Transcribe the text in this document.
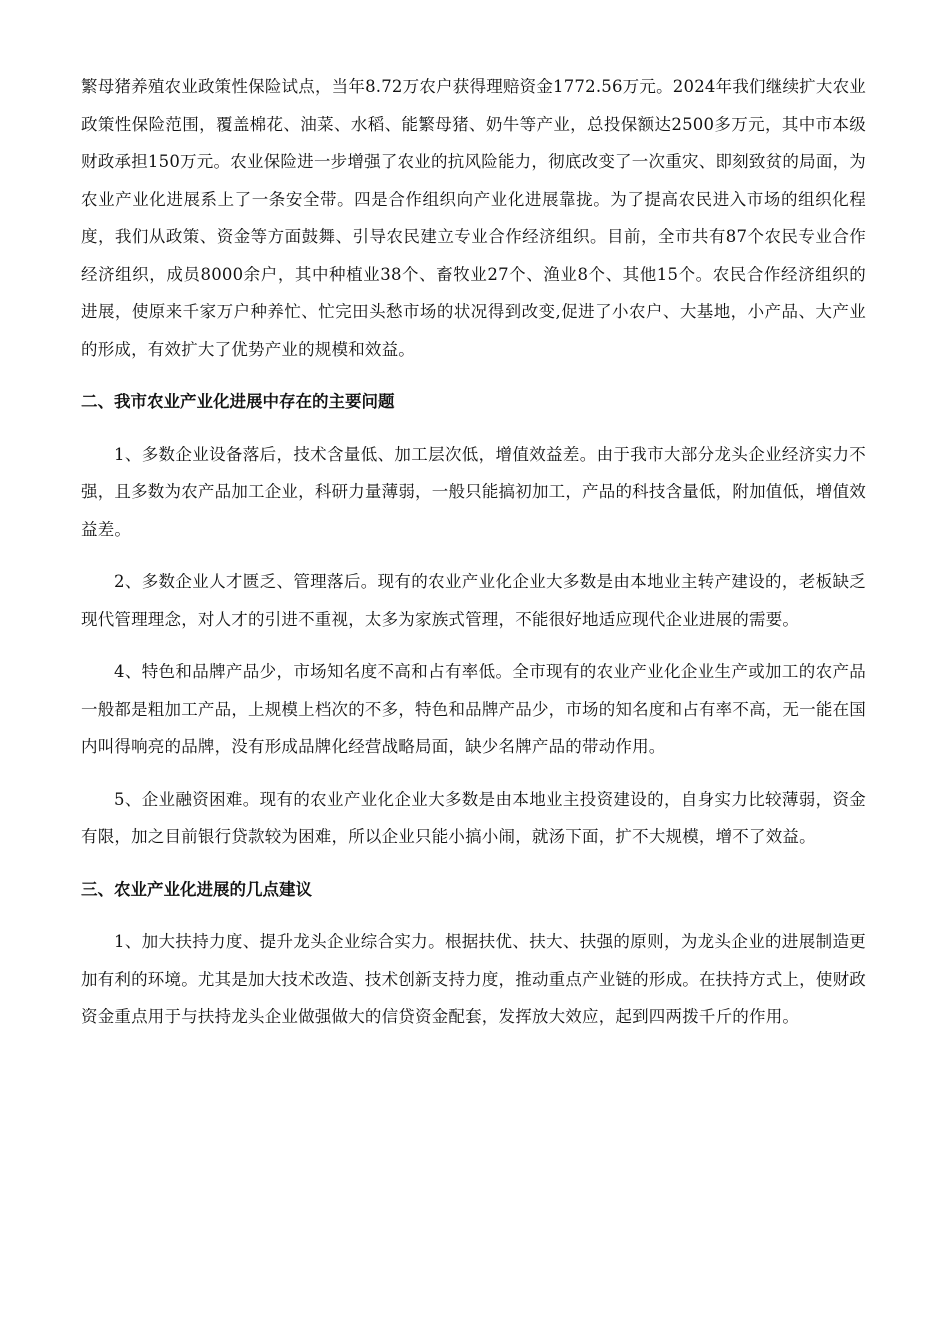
繁母猪养殖农业政策性保险试点，当年8.72万农户获得理赔资金1772.56万元。2024年我们继续扩大农业政策性保险范围，覆盖棉花、油菜、水稻、能繁母猪、奶牛等产业，总投保额达2500多万元，其中市本级财政承担150万元。农业保险进一步增强了农业的抗风险能力，彻底改变了一次重灾、即刻致贫的局面，为农业产业化进展系上了一条安全带。四是合作组织向产业化进展靠拢。为了提高农民进入市场的组织化程度，我们从政策、资金等方面鼓舞、引导农民建立专业合作经济组织。目前，全市共有87个农民专业合作经济组织，成员8000余户，其中种植业38个、畜牧业27个、渔业8个、其他15个。农民合作经济组织的进展，使原来千家万户种养忙、忙完田头愁市场的状况得到改变,促进了小农户、大基地，小产品、大产业的形成，有效扩大了优势产业的规模和效益。

二、我市农业产业化进展中存在的主要问题

1、多数企业设备落后，技术含量低、加工层次低，增值效益差。由于我市大部分龙头企业经济实力不强，且多数为农产品加工企业，科研力量薄弱，一般只能搞初加工，产品的科技含量低，附加值低，增值效益差。

2、多数企业人才匮乏、管理落后。现有的农业产业化企业大多数是由本地业主转产建设的，老板缺乏现代管理理念，对人才的引进不重视，太多为家族式管理，不能很好地适应现代企业进展的需要。

4、特色和品牌产品少，市场知名度不高和占有率低。全市现有的农业产业化企业生产或加工的农产品一般都是粗加工产品，上规模上档次的不多，特色和品牌产品少，市场的知名度和占有率不高，无一能在国内叫得响亮的品牌，没有形成品牌化经营战略局面，缺少名牌产品的带动作用。

5、企业融资困难。现有的农业产业化企业大多数是由本地业主投资建设的，自身实力比较薄弱，资金有限，加之目前银行贷款较为困难，所以企业只能小搞小闹，就汤下面，扩不大规模，增不了效益。

三、农业产业化进展的几点建议

1、加大扶持力度、提升龙头企业综合实力。根据扶优、扶大、扶强的原则，为龙头企业的进展制造更加有利的环境。尤其是加大技术改造、技术创新支持力度，推动重点产业链的形成。在扶持方式上，使财政资金重点用于与扶持龙头企业做强做大的信贷资金配套，发挥放大效应，起到四两拨千斤的作用。
